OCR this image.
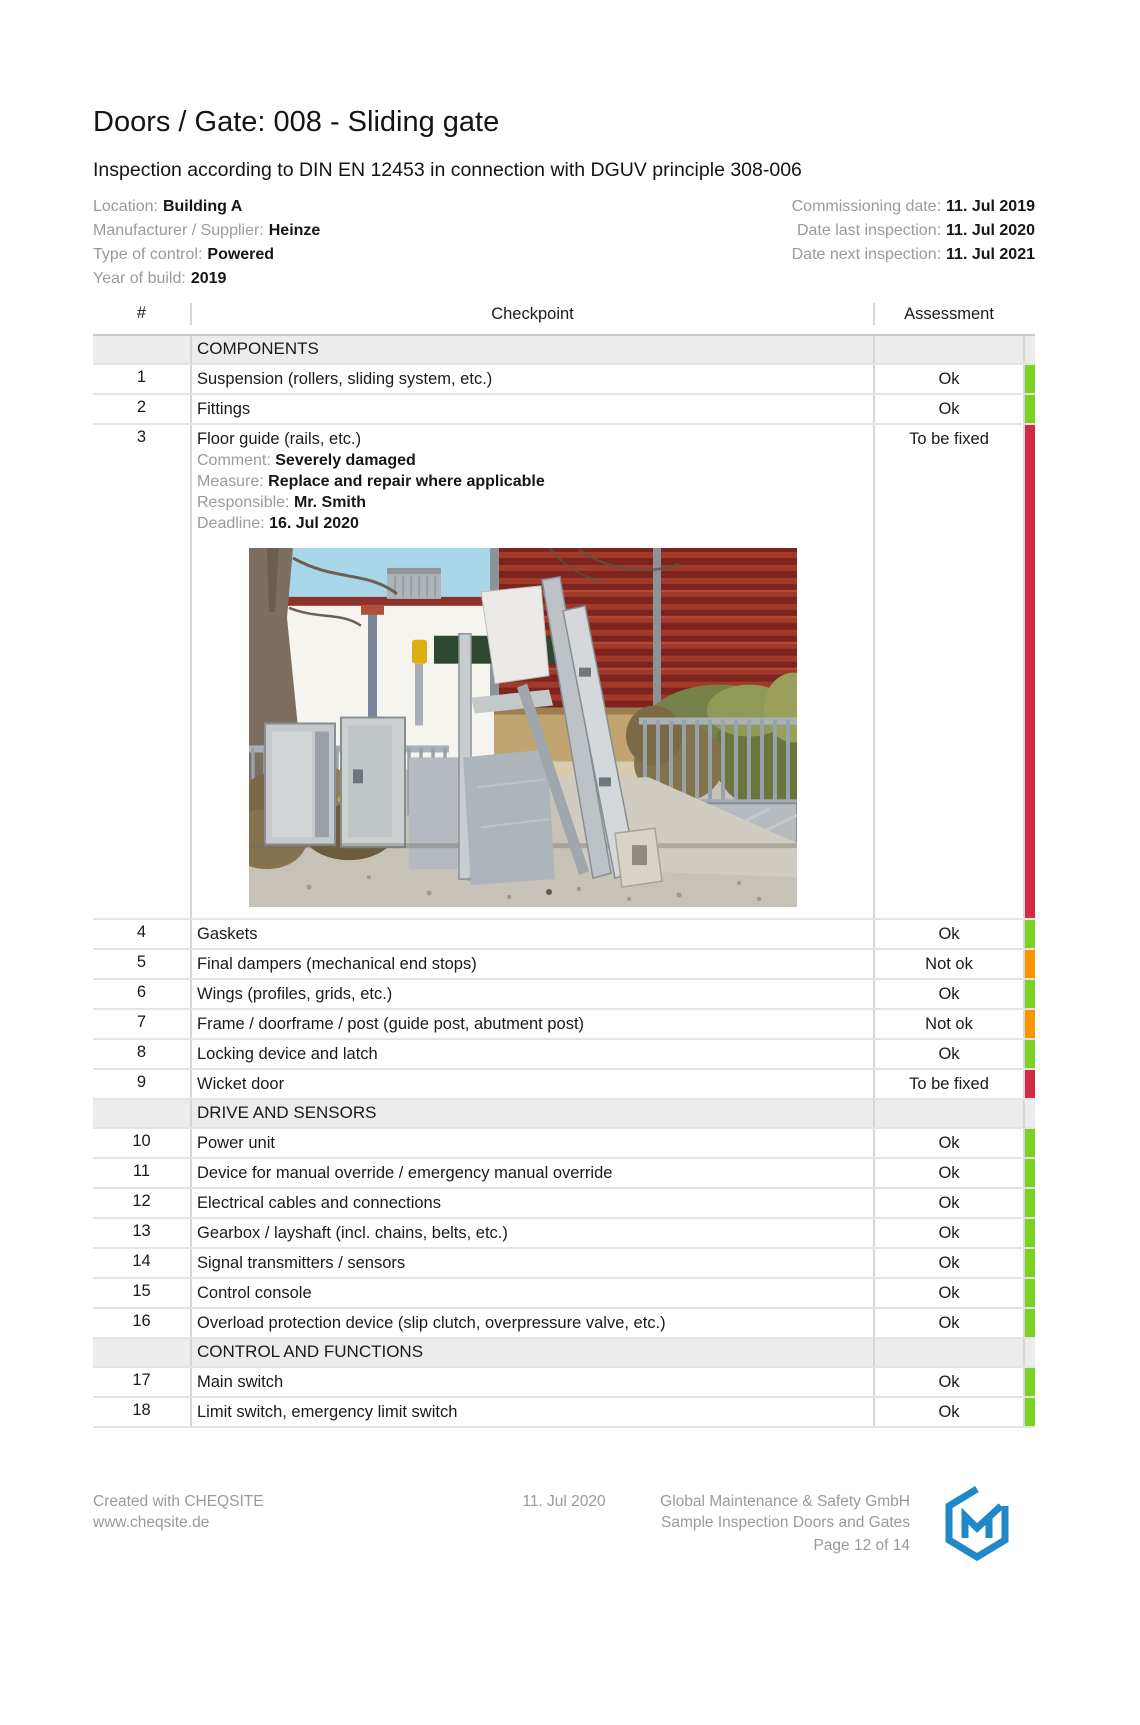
Doors / Gate: 008 - Sliding gate
Inspection according to DIN EN 12453 in connection with DGUV principle 308-006
Location: Building A
Manufacturer / Supplier: Heinze
Type of control: Powered
Year of build: 2019
Commissioning date: 11. Jul 2019
Date last inspection: 11. Jul 2020
Date next inspection: 11. Jul 2021
#	Checkpoint	Assessment
COMPONENTS
1	Suspension (rollers, sliding system, etc.)	Ok
2	Fittings	Ok
3	Floor guide (rails, etc.)
Comment: Severely damaged
Measure: Replace and repair where applicable
Responsible: Mr. Smith
Deadline: 16. Jul 2020
To be fixed
4	Gaskets	Ok
5	Final dampers (mechanical end stops)	Not ok
6	Wings (profiles, grids, etc.)	Ok
7	Frame / doorframe / post (guide post, abutment post)	Not ok
8	Locking device and latch	Ok
9	Wicket door	To be fixed
DRIVE AND SENSORS
10	Power unit	Ok
11	Device for manual override / emergency manual override	Ok
12	Electrical cables and connections	Ok
13	Gearbox / layshaft (incl. chains, belts, etc.)	Ok
14	Signal transmitters / sensors	Ok
15	Control console	Ok
16	Overload protection device (slip clutch, overpressure valve, etc.)	Ok
CONTROL AND FUNCTIONS
17	Main switch	Ok
18	Limit switch, emergency limit switch	Ok
Created with CHEQSITE
www.cheqsite.de
11. Jul 2020	Global Maintenance & Safety GmbH
Sample Inspection Doors and Gates
Page 12 of 14
